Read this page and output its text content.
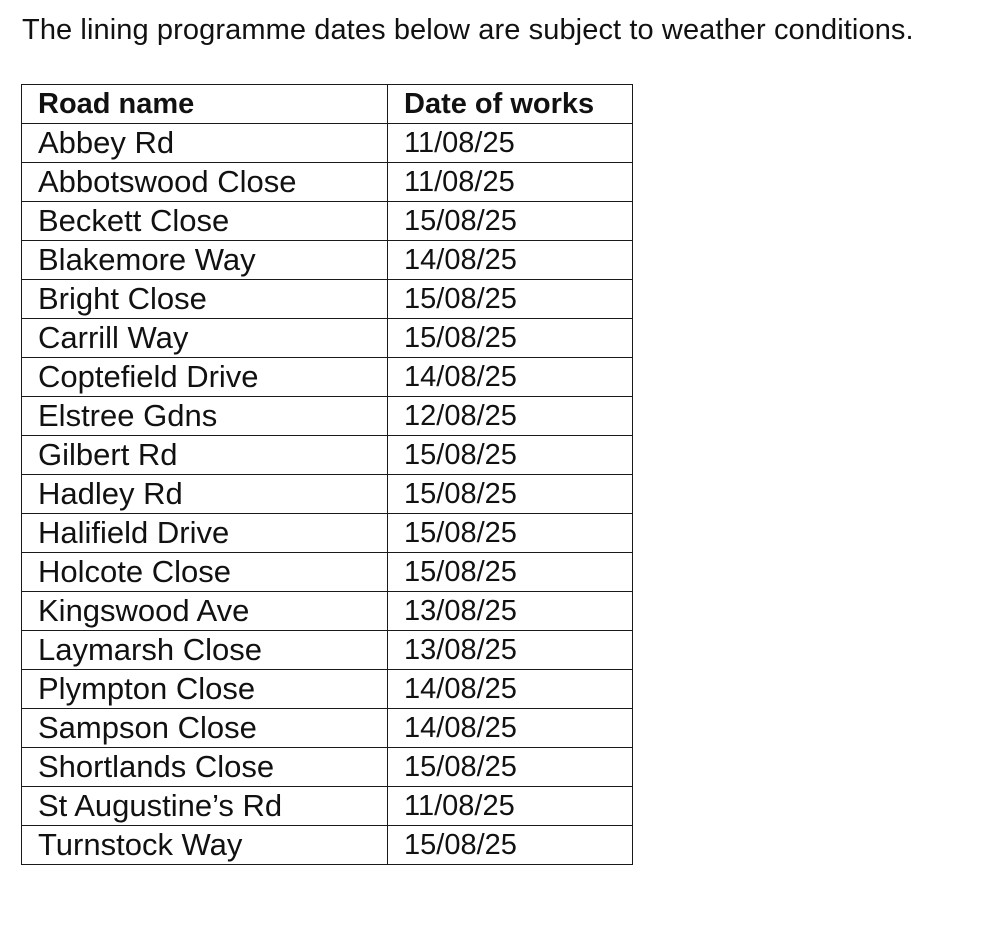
The lining programme dates below are subject to weather conditions.
Road name	Date of works
Abbey Rd	11/08/25
Abbotswood Close	11/08/25
Beckett Close	15/08/25
Blakemore Way	14/08/25
Bright Close	15/08/25
Carrill Way	15/08/25
Coptefield Drive	14/08/25
Elstree Gdns	12/08/25
Gilbert Rd	15/08/25
Hadley Rd	15/08/25
Halifield Drive	15/08/25
Holcote Close	15/08/25
Kingswood Ave	13/08/25
Laymarsh Close	13/08/25
Plympton Close	14/08/25
Sampson Close	14/08/25
Shortlands Close	15/08/25
St Augustine’s Rd	11/08/25
Turnstock Way	15/08/25
